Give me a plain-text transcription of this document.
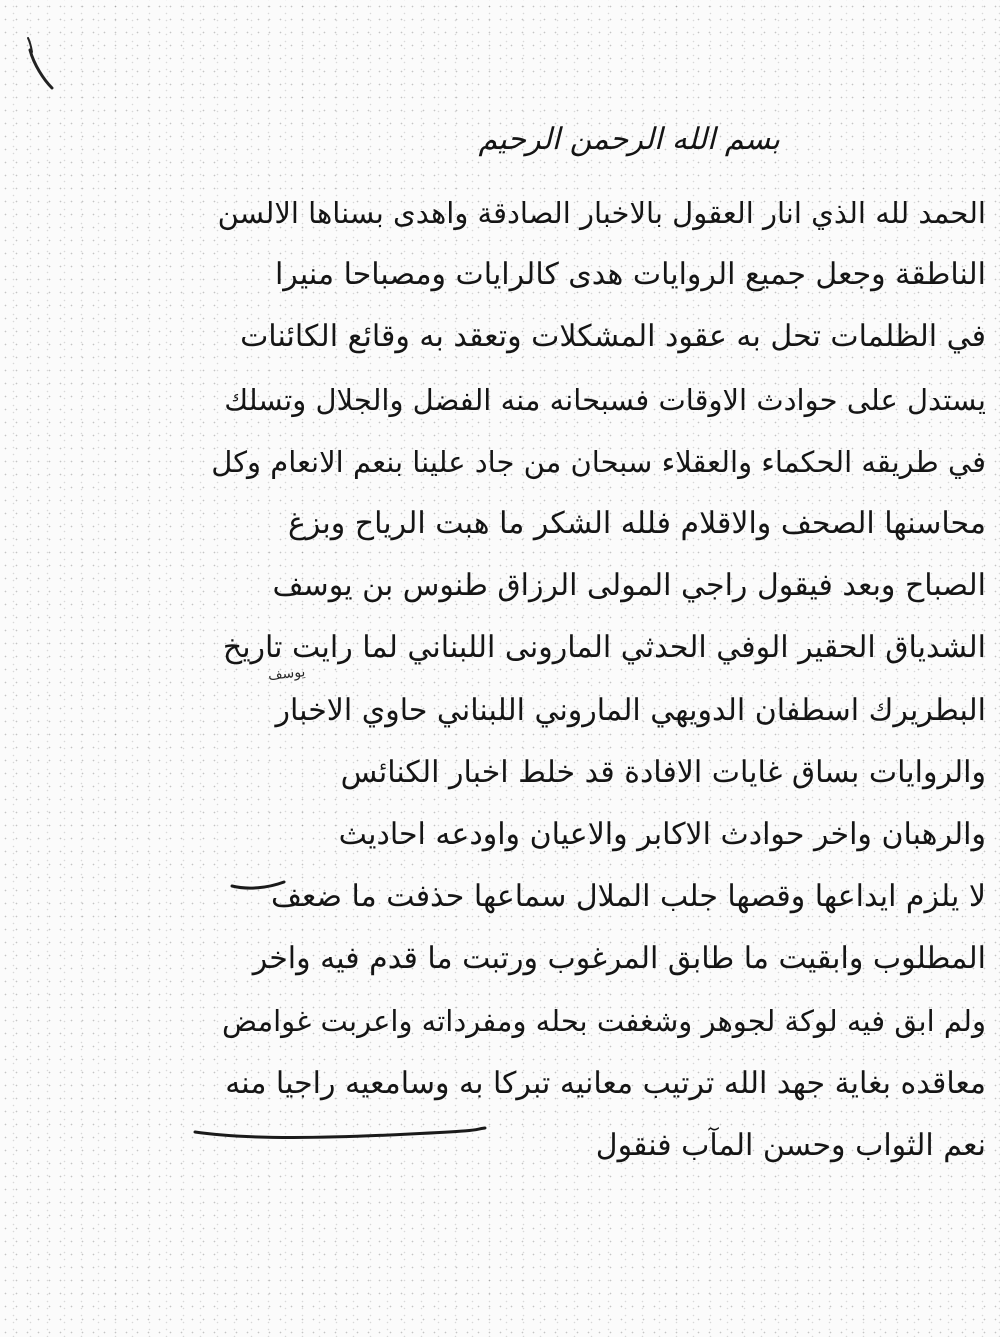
بسم الله الرحمن الرحيم
يوسف
الحمد لله الذي انار العقول بالاخبار الصادقة واهدى بسناها الالسن
الناطقة وجعل جميع الروايات هدى كالرايات ومصباحا منيرا
في الظلمات تحل به عقود المشكلات وتعقد به وقائع الكائنات
يستدل على حوادث الاوقات فسبحانه منه الفضل والجلال وتسلك
في طريقه الحكماء والعقلاء سبحان من جاد علينا بنعم الانعام وكل
محاسنها الصحف والاقلام فلله الشكر ما هبت الرياح وبزغ
الصباح وبعد فيقول راجي المولى الرزاق طنوس بن يوسف
الشدياق الحقير الوفي الحدثي المارونى اللبناني لما رايت تاريخ
البطريرك اسطفان الدويهي الماروني اللبناني حاوي الاخبار
والروايات بساق غايات الافادة قد خلط اخبار الكنائس
والرهبان واخر حوادث الاكابر والاعيان واودعه احاديث
لا يلزم ايداعها وقصها جلب الملال سماعها حذفت ما ضعف
المطلوب وابقيت ما طابق المرغوب ورتبت ما قدم فيه واخر
ولم ابق فيه لوكة لجوهر وشغفت بحله ومفرداته واعربت غوامض
معاقده بغاية جهد الله ترتيب معانيه تبركا به وسامعيه راجيا منه
نعم الثواب وحسن المآب فنقول
